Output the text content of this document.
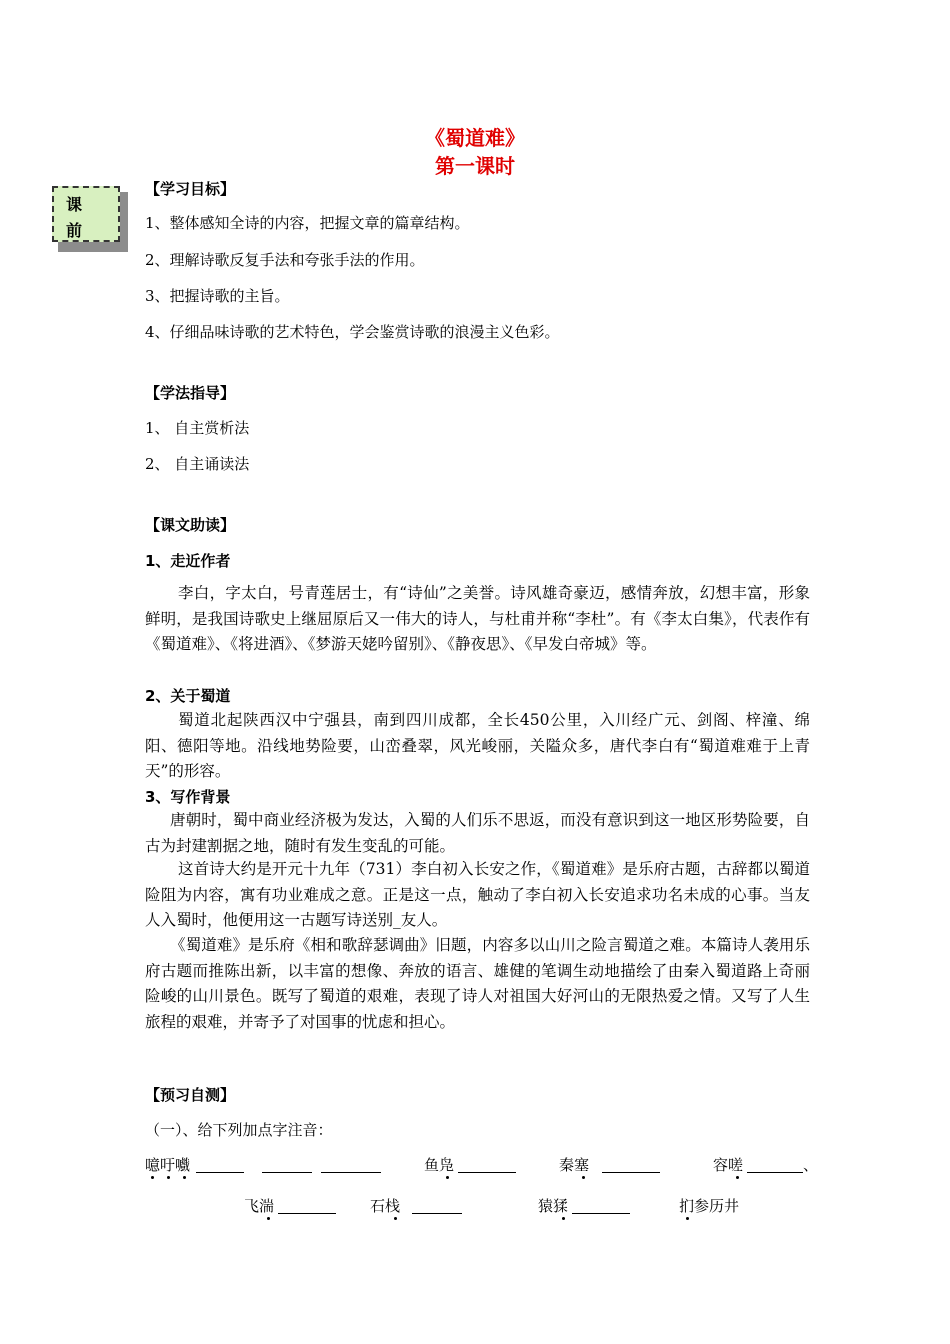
《蜀道难》
第一课时
课
前
【学习目标】
1、整体感知全诗的内容，把握文章的篇章结构。
2、理解诗歌反复手法和夸张手法的作用。
3、把握诗歌的主旨。
4、仔细品味诗歌的艺术特色，学会鉴赏诗歌的浪漫主义色彩。
【学法指导】
1、 自主赏析法
2、 自主诵读法
【课文助读】
1、走近作者
李白，字太白，号青莲居士，有“诗仙”之美誉。诗风雄奇豪迈，感情奔放，幻想丰富，形象鲜明，是我国诗歌史上继屈原后又一伟大的诗人，与杜甫并称“李杜”。有《李太白集》，代表作有《蜀道难》、《将进酒》、《梦游天姥吟留别》、《静夜思》、《早发白帝城》等。
2、关于蜀道
蜀道北起陕西汉中宁强县，南到四川成都，全长450公里，入川经广元、剑阁、梓潼、绵阳、德阳等地。沿线地势险要，山峦叠翠，风光峻丽，关隘众多，唐代李白有“蜀道难难于上青天”的形容。
3、写作背景
唐朝时，蜀中商业经济极为发达，入蜀的人们乐不思返，而没有意识到这一地区形势险要，自古为封建割据之地，随时有发生变乱的可能。
这首诗大约是开元十九年（731）李白初入长安之作，《蜀道难》是乐府古题，古辞都以蜀道险阻为内容，寓有功业难成之意。正是这一点，触动了李白初入长安追求功名未成的心事。当友人入蜀时，他便用这一古题写诗送别_友人。
《蜀道难》是乐府《相和歌辞瑟调曲》旧题，内容多以山川之险言蜀道之难。本篇诗人袭用乐府古题而推陈出新，以丰富的想像、奔放的语言、雄健的笔调生动地描绘了由秦入蜀道路上奇丽险峻的山川景色。既写了蜀道的艰难，表现了诗人对祖国大好河山的无限热爱之情。又写了人生旅程的艰难，并寄予了对国事的忧虑和担心。
【预习自测】
（一）、给下列加点字注音：
噫吁嚱	鱼凫	秦塞	容嗟	、
飞湍	石栈	猿猱	扪参历井
